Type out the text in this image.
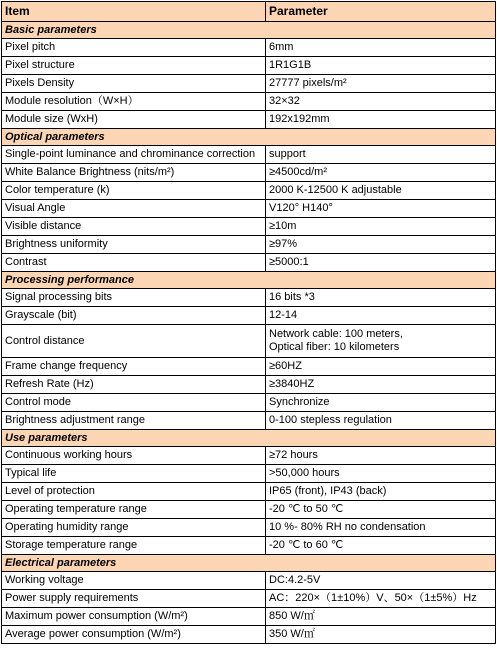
Item	Parameter
Basic parameters	
Pixel pitch	6mm
Pixel structure	1R1G1B
Pixels Density	27777 pixels/m²
Module resolution（W×H）	32×32
Module size (WxH)	192x192mm
Optical parameters	
Single-point luminance and chrominance correction	support
White Balance Brightness (nits/m²)	≥4500cd/m²
Color temperature (k)	2000 K-12500 K adjustable
Visual Angle	V120° H140°
Visible distance	≥10m
Brightness uniformity	≥97%
Contrast	≥5000:1
Processing performance	
Signal processing bits	16 bits *3
Grayscale (bit)	12-14
Control distance	Network cable: 100 meters,
Optical fiber: 10 kilometers

Frame change frequency	≥60HZ
Refresh Rate (Hz)	≥3840HZ
Control mode	Synchronize
Brightness adjustment range	0-100 stepless regulation
Use parameters	
Continuous working hours	≥72 hours
Typical life	>50,000 hours
Level of protection	IP65 (front), IP43 (back)
Operating temperature range	-20 ℃ to 50 ℃
Operating humidity range	10 %- 80% RH no condensation
Storage temperature range	-20 ℃ to 60 ℃
Electrical parameters	
Working voltage	DC:4.2-5V
Power supply requirements	AC：220×（1±10%）V、50×（1±5%）Hz
Maximum power consumption (W/m²)	850 W/㎡
Average power consumption (W/m²)	350 W/㎡
